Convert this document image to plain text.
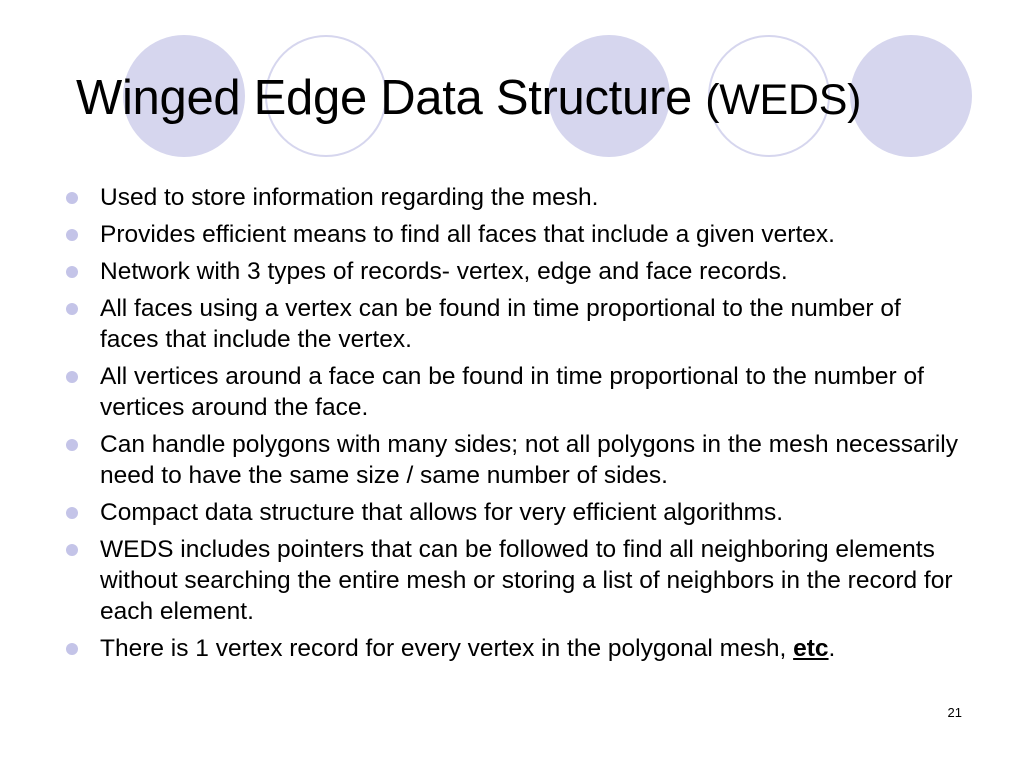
Winged Edge Data Structure (WEDS)
Used to store information regarding the mesh.
Provides efficient means to find all faces that include a given vertex.
Network with 3 types of records- vertex, edge and face records.
All faces using a vertex can be found in time proportional to the number of faces that include the vertex.
All vertices around a face can be found in time proportional to the number of vertices around the face.
Can handle polygons with many sides; not all polygons in the mesh necessarily need to have the same size / same number of sides.
Compact data structure that allows for very efficient algorithms.
WEDS includes pointers that can be followed to find all neighboring elements without searching the entire mesh or storing a list of neighbors in the record for each element.
There is 1 vertex record for every vertex in the polygonal mesh, etc.
21
